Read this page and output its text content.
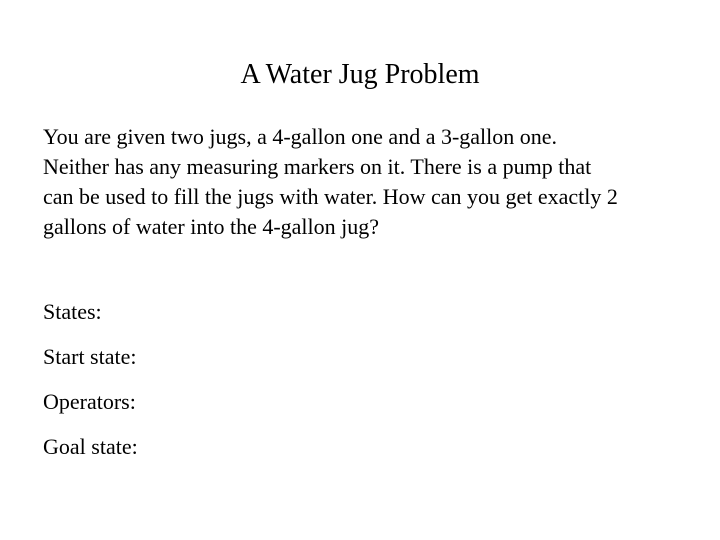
A Water Jug Problem

You are given two jugs, a 4-gallon one and a 3-gallon one.
Neither has any measuring markers on it. There is a pump that
can be used to fill the jugs with water. How can you get exactly 2
gallons of water into the 4-gallon jug?

States:
Start state:
Operators:
Goal state:
